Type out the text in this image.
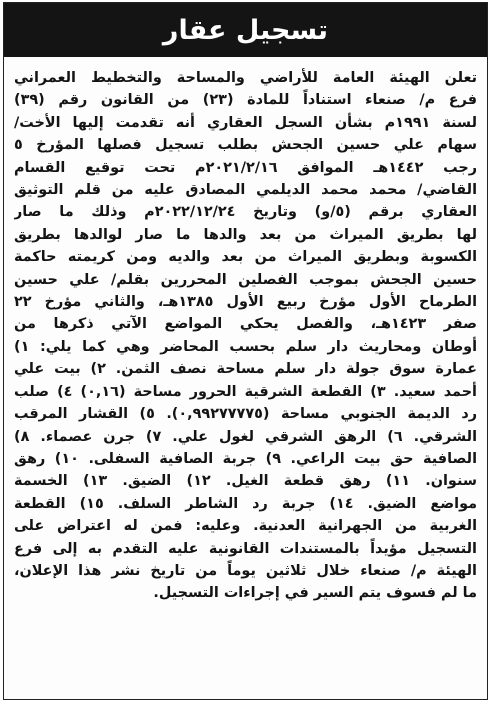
تسجيل عقار
تعلن الهيئة العامة للأراضي والمساحة والتخطيط العمراني
فرع م/ صنعاء استناداً للمادة (٢٣) من القانون رقم (٣٩)
لسنة ١٩٩١م بشأن السجل العقاري أنه تقدمت إليها الأخت/
سهام علي حسين الجحش بطلب تسجيل فصلها المؤرخ ٥
رجب ١٤٤٢هـ الموافق ٢٠٢١/٢/١٦م تحت توقيع القسام
القاضي/ محمد محمد الديلمي المصادق عليه من قلم التوثيق
العقاري برقم (٥/و) وتاريخ ٢٠٢٢/١٢/٢٤م وذلك ما صار
لها بطريق الميراث من بعد والدها ما صار لوالدها بطريق
الكسوبة وبطريق الميراث من بعد والديه ومن كريمته حاكمة
حسين الجحش بموجب الفصلين المحررين بقلم/ علي حسين
الطرماح الأول مؤرخ ربيع الأول ١٣٨٥هـ، والثاني مؤرخ ٢٢
صفر ١٤٢٣هـ، والفصل يحكي المواضع الآتي ذكرها من
أوطان ومحاريث دار سلم بحسب المحاضر وهي كما يلي: ١)
عمارة سوق جولة دار سلم مساحة نصف الثمن. ٢) بيت علي
أحمد سعيد. ٣) القطعة الشرقية الحرور مساحة (٠,١٦) ٤) صلب
رد الديمة الجنوبي مساحة (٠,٩٩٢٧٧٧٧٥). ٥) القشار المرقب
الشرقي. ٦) الرهق الشرقي لغول علي. ٧) جرن عصماء. ٨)
الصافية حق بيت الراعي. ٩) جربة الصافية السفلى. ١٠) رهق
سنوان. ١١) رهق قطعة الغيل. ١٢) الضيق. ١٣) الخسمة
مواضع الضيق. ١٤) جربة رد الشاطر السلف. ١٥) القطعة
الغربية من الجهرانية العدنية. وعليه: فمن له اعتراض على
التسجيل مؤيداً بالمستندات القانونية عليه التقدم به إلى فرع
الهيئة م/ صنعاء خلال ثلاثين يوماً من تاريخ نشر هذا الإعلان،
ما لم فسوف يتم السير في إجراءات التسجيل.
